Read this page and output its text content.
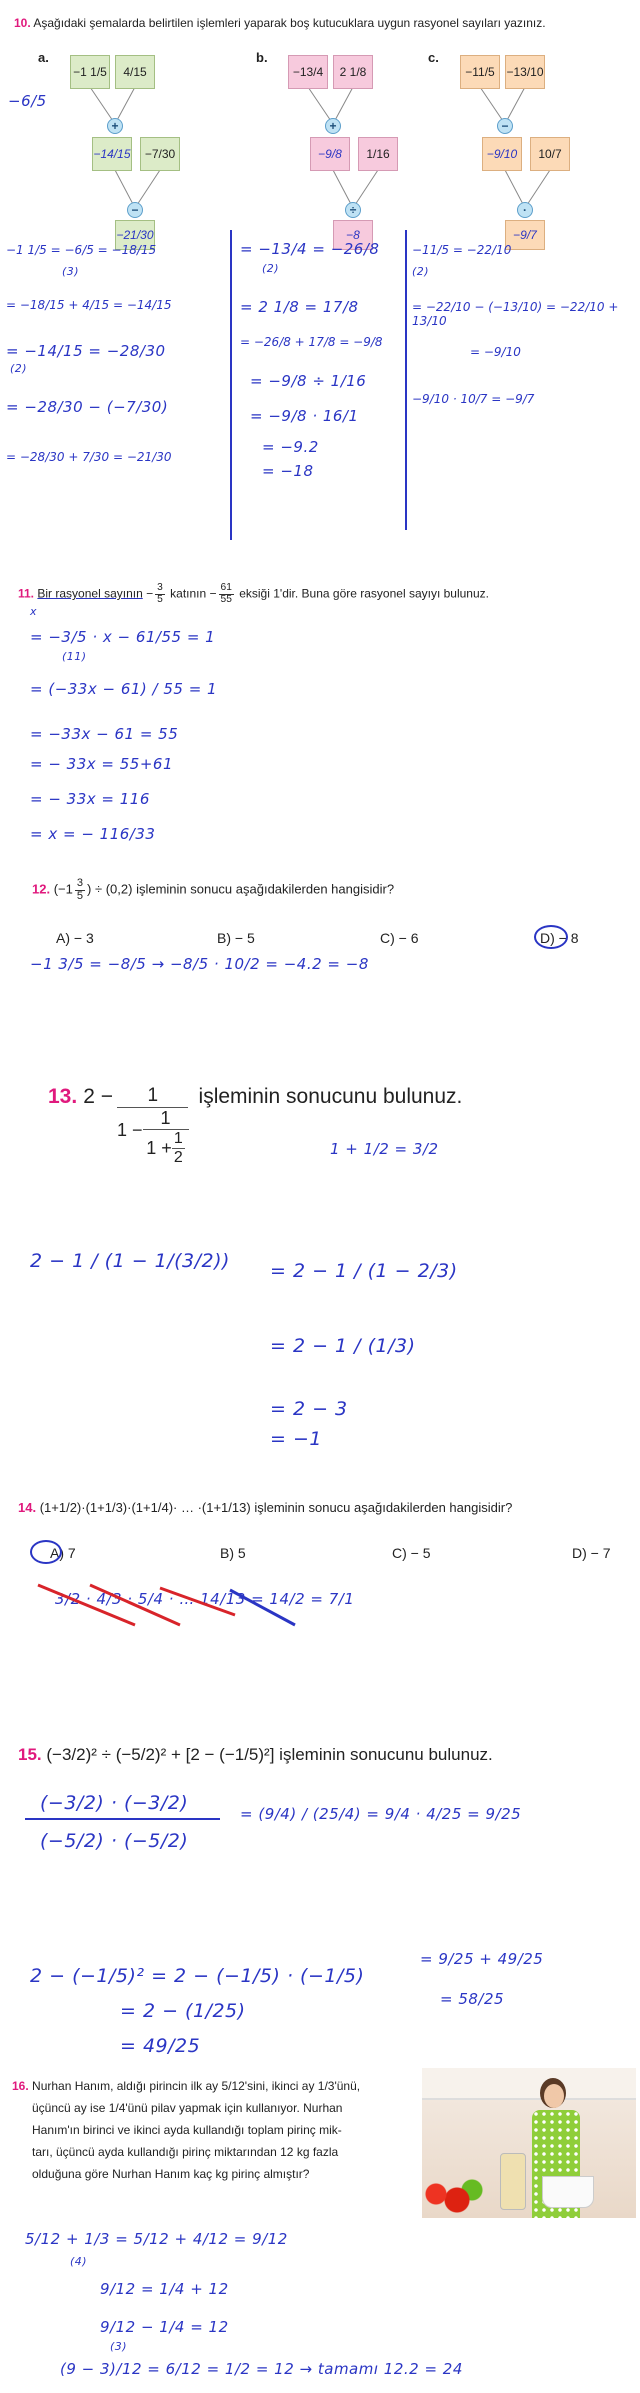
10. Aşağıdaki şemalarda belirtilen işlemleri yaparak boş kutucuklara uygun rasyonel sayıları yazınız.
−6/5
a.
−1 1/5	4/15
+
−14/15	−7/30
−
−21/30
b.
−13/4	2 1/8
+
−9/8	1/16
÷
−8
c.
−11/5 −13/10
−
−9/10	10/7
·
−9/7
−1 1/5 = −6/5 = −18/15
(3)
= −18/15 + 4/15 = −14/15
= −14/15 = −28/30
(2)
= −28/30 − (−7/30)
= −28/30 + 7/30 = −21/30
= −13/4 = −26/8
(2)
= 2 1/8 = 17/8
= −26/8 + 17/8 = −9/8
= −9/8 ÷ 1/16
= −9/8 · 16/1
= −9.2
= −18
−11/5 = −22/10
(2)
= −22/10 − (−13/10) = −22/10 + 13/10
= −9/10
−9/10 · 10/7 = −9/7
x
= −3/5 · x − 61/55 = 1
(11)
= (−33x − 61) / 55 = 1
= −33x − 61 = 55
= − 33x = 55+61
= − 33x = 116
= x = − 116/33
1 + 1/2 = 3/2
2 − 1 / (1 − 1/(3/2)) = 2 − 1 / (1 − 2/3)
= 2 − 1 / (1/3)
= 2 − 3
= −1
(−3/2) · (−3/2)
(−5/2) · (−5/2)
= (9/4) / (25/4) = 9/4 · 4/25 = 9/25
2 − (−1/5)² = 2 − (−1/5) · (−1/5)
= 2 − (1/25)
= 49/25
= 9/25 + 49/25
= 58/25
5/12 + 1/3 = 5/12 + 4/12 = 9/12
(4)
9/12 = 1/4 + 12
9/12 − 1/4 = 12
(3)
(9 − 3)/12 = 6/12 = 1/2 = 12 → tamamı 12.2 = 24
11. Bir rasyonel sayının − $\frac{3}{5}$ katının − $\frac{61}{55}$ eksiği 1'dir. Buna göre rasyonel sayıyı bulunuz.
12. ($-1 \frac{3}{5}$ ) ÷ (0,2) işleminin sonucu aşağıdakilerden hangisidir?
A) − 3	B) − 5	C) − 6	D) − 8
−1 3/5 = −8/5 → −8/5 · 10/2 = −4.2 = −8
13. 2 −	1
$1 - \frac{1}{1 + \frac{1}{2}}$
işleminin sonucunu bulunuz.
14. (1+1/2)·(1+1/3)·(1+1/4)· … ·(1+1/13) işleminin sonucu aşağıdakilerden hangisidir?
A) 7	B) 5	C) − 5	D) − 7
3/2 · 4/3 · 5/4 · … 14/13 = 14/2 = 7/1
15. (−3/2)² ÷ (−5/2)² + [2 − (−1/5)²] işleminin sonucunu bulunuz.
16. Nurhan Hanım, aldığı pirincin ilk ay 5/12'sini, ikinci ay 1/3'ünü,
üçüncü ay ise 1/4'ünü pilav yapmak için kullanıyor. Nurhan
Hanım'ın birinci ve ikinci ayda kullandığı toplam pirinç mik-
tarı, üçüncü ayda kullandığı pirinç miktarından 12 kg fazla
olduğuna göre Nurhan Hanım kaç kg pirinç almıştır?
